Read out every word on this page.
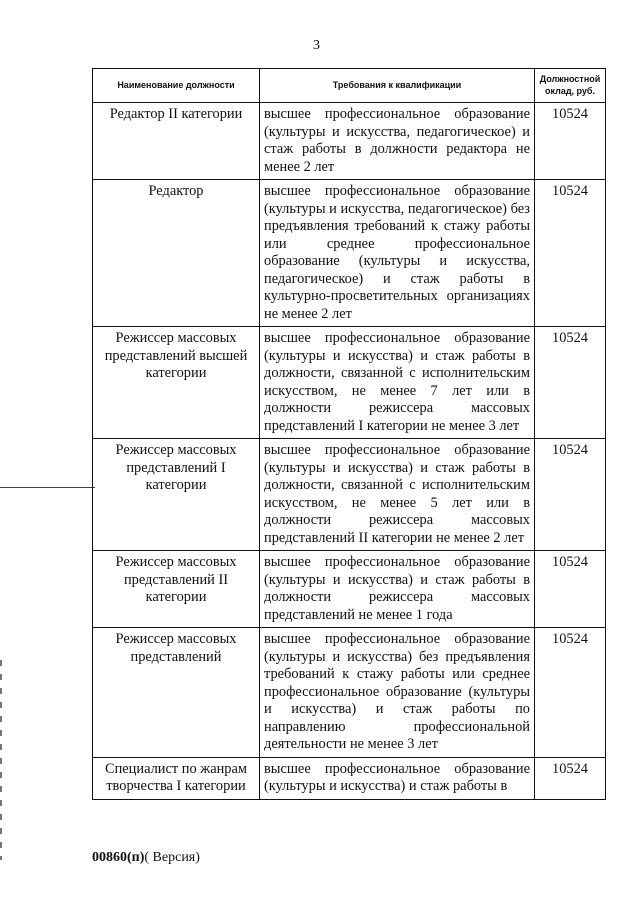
3
Наименование должности	Требования к квалификации	Должностной оклад, руб.
Редактор II категории	высшее профессиональное образование (культуры и искусства, педагогическое) и стаж работы в должности редактора не менее 2 лет	10524
Редактор	высшее профессиональное образование (культуры и искусства, педагогическое) без предъявления требований к стажу работы или среднее профессиональное образование (культуры и искусства, педагогическое) и стаж работы в культурно-просветительных организациях не менее 2 лет	10524
Режиссер массовых представлений высшей категории	высшее профессиональное образование (культуры и искусства) и стаж работы в должности, связанной с исполнительским искусством, не менее 7 лет или в должности режиссера массовых представлений I категории не менее 3 лет	10524
Режиссер массовых представлений I категории	высшее профессиональное образование (культуры и искусства) и стаж работы в должности, связанной с исполнительским искусством, не менее 5 лет или в должности режиссера массовых представлений II категории не менее 2 лет	10524
Режиссер массовых представлений II категории	высшее профессиональное образование (культуры и искусства) и стаж работы в должности режиссера массовых представлений не менее 1 года	10524
Режиссер массовых представлений	высшее профессиональное образование (культуры и искусства) без предъявления требований к стажу работы или среднее профессиональное образование (культуры и искусства) и стаж работы по направлению профессиональной деятельности не менее 3 лет	10524
Специалист по жанрам творчества I категории	высшее профессиональное образование (культуры и искусства) и стаж работы в	10524
00860(п)( Версия)
